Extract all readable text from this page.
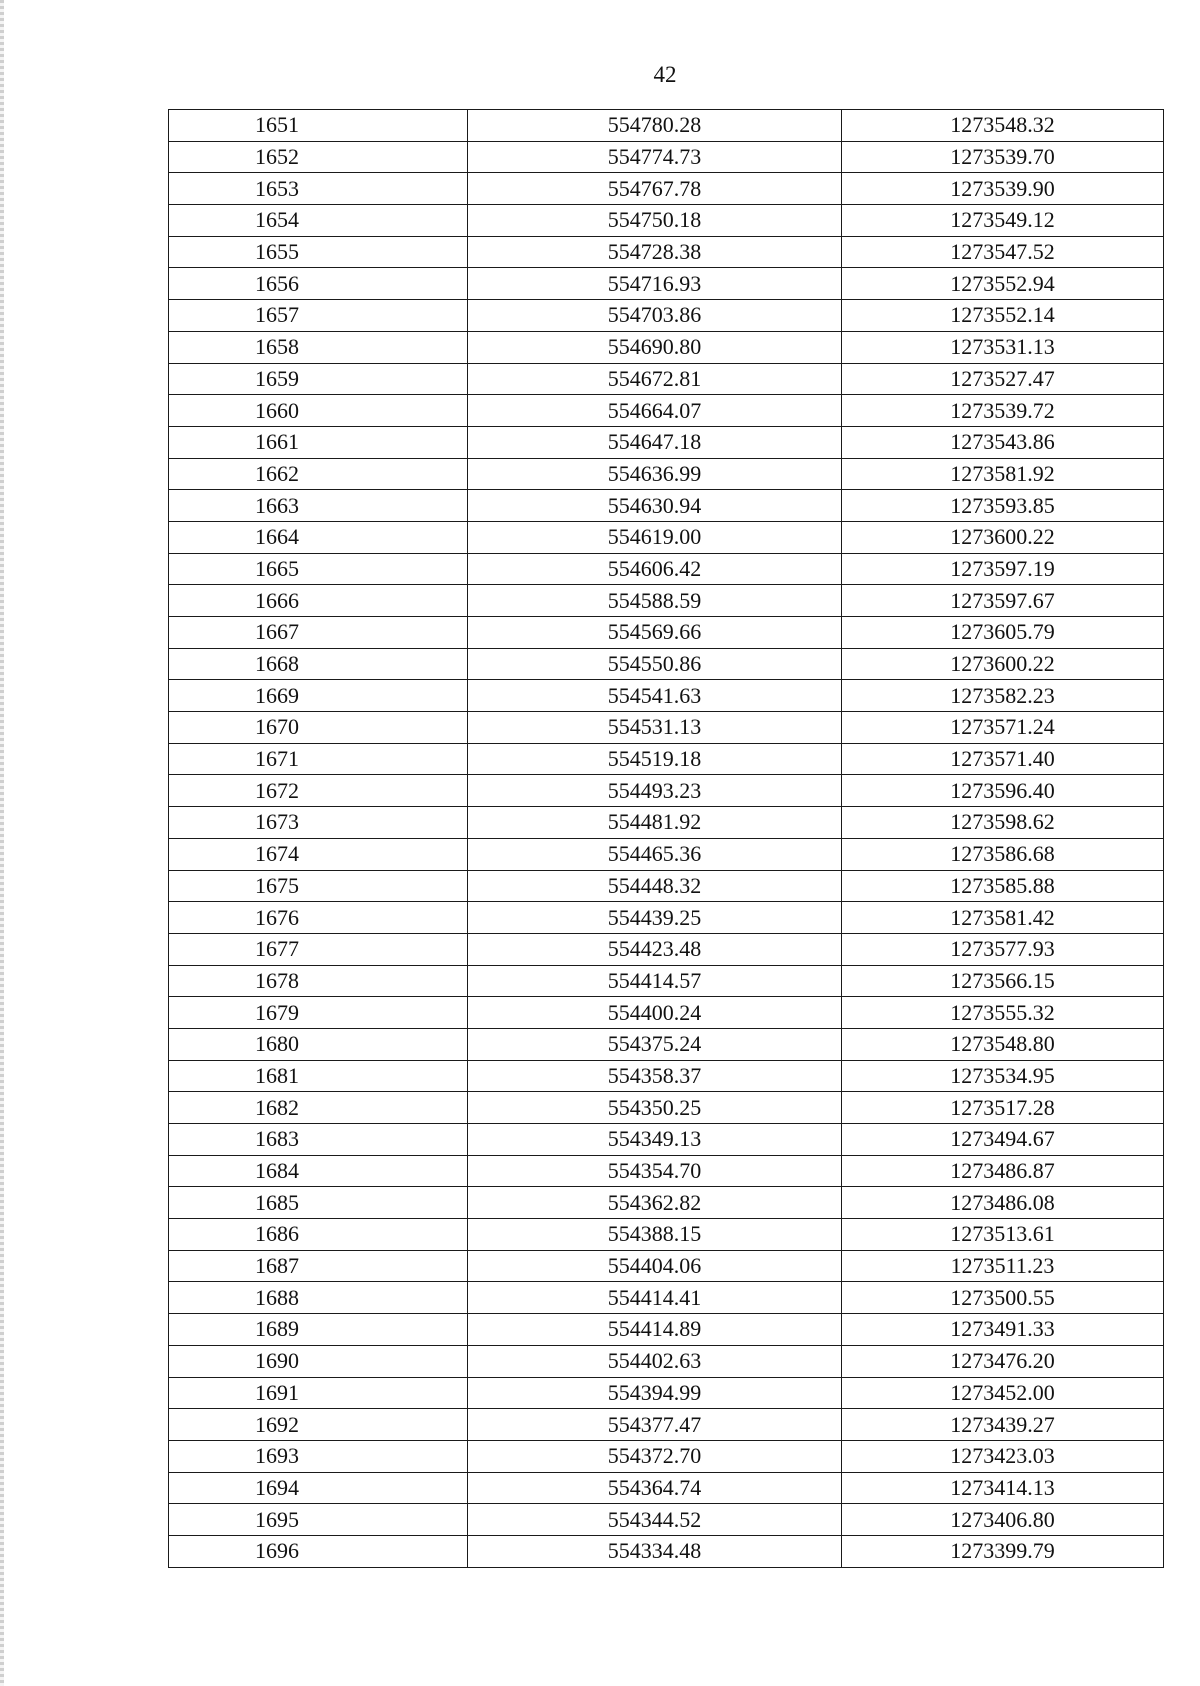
42
1651	554780.28	1273548.32
1652	554774.73	1273539.70
1653	554767.78	1273539.90
1654	554750.18	1273549.12
1655	554728.38	1273547.52
1656	554716.93	1273552.94
1657	554703.86	1273552.14
1658	554690.80	1273531.13
1659	554672.81	1273527.47
1660	554664.07	1273539.72
1661	554647.18	1273543.86
1662	554636.99	1273581.92
1663	554630.94	1273593.85
1664	554619.00	1273600.22
1665	554606.42	1273597.19
1666	554588.59	1273597.67
1667	554569.66	1273605.79
1668	554550.86	1273600.22
1669	554541.63	1273582.23
1670	554531.13	1273571.24
1671	554519.18	1273571.40
1672	554493.23	1273596.40
1673	554481.92	1273598.62
1674	554465.36	1273586.68
1675	554448.32	1273585.88
1676	554439.25	1273581.42
1677	554423.48	1273577.93
1678	554414.57	1273566.15
1679	554400.24	1273555.32
1680	554375.24	1273548.80
1681	554358.37	1273534.95
1682	554350.25	1273517.28
1683	554349.13	1273494.67
1684	554354.70	1273486.87
1685	554362.82	1273486.08
1686	554388.15	1273513.61
1687	554404.06	1273511.23
1688	554414.41	1273500.55
1689	554414.89	1273491.33
1690	554402.63	1273476.20
1691	554394.99	1273452.00
1692	554377.47	1273439.27
1693	554372.70	1273423.03
1694	554364.74	1273414.13
1695	554344.52	1273406.80
1696	554334.48	1273399.79
